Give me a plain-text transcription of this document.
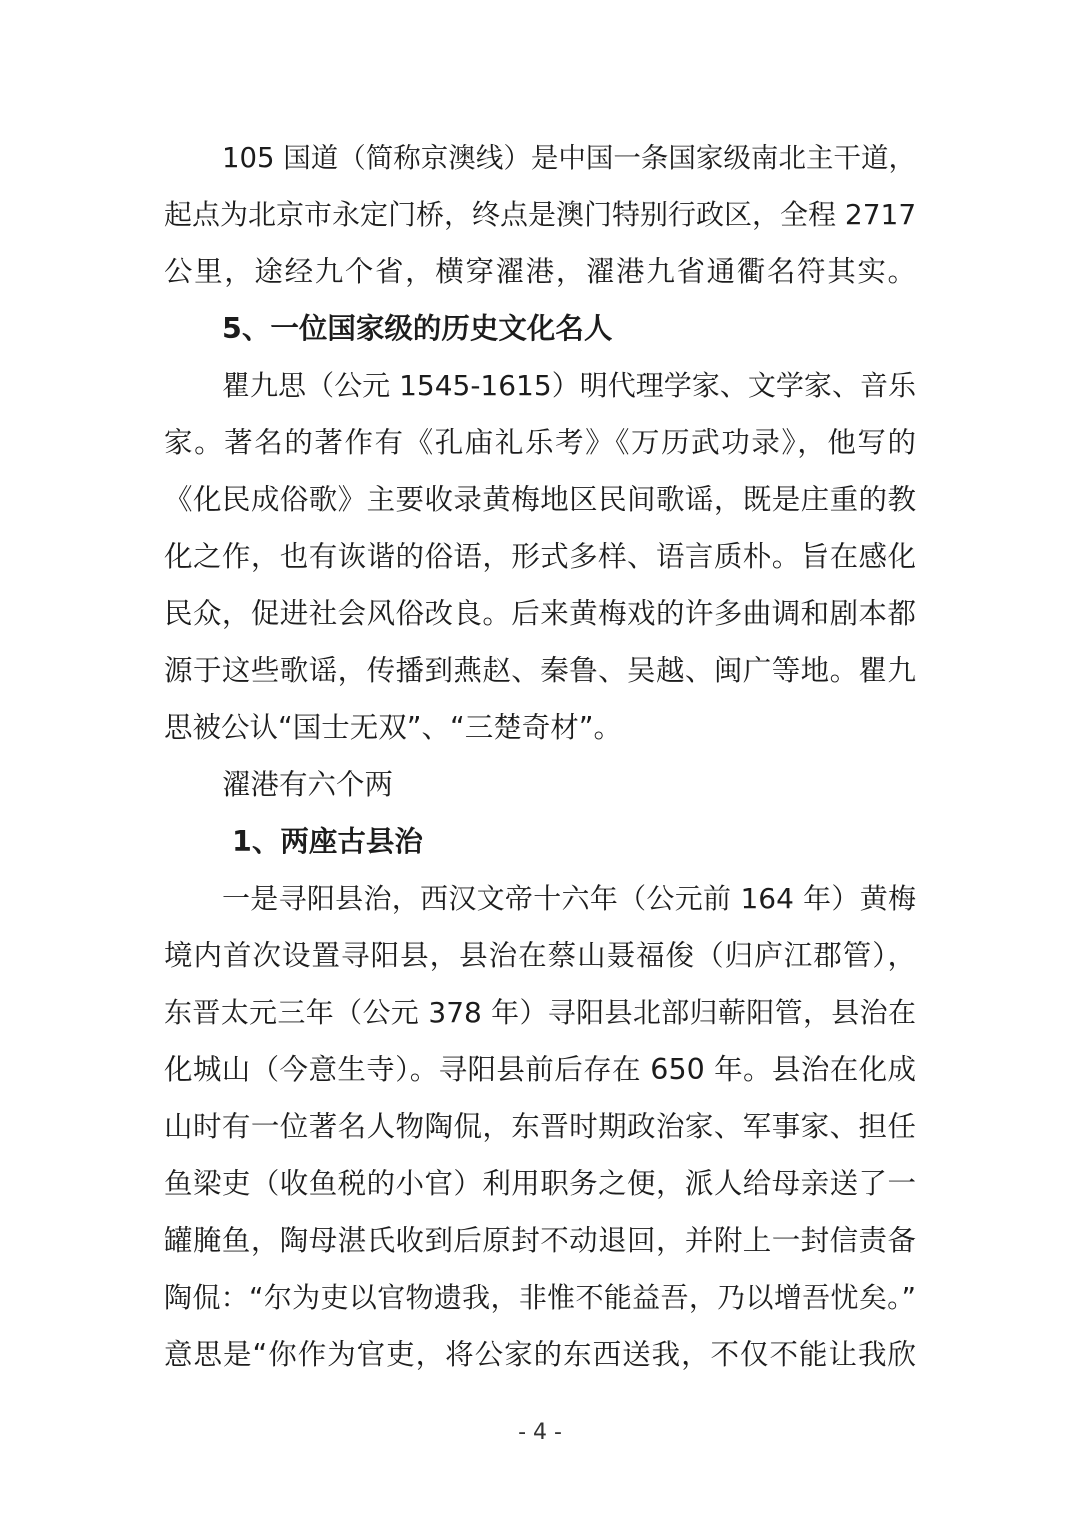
105 国道（简称京澳线）是中国一条国家级南北主干道，
起点为北京市永定门桥，终点是澳门特别行政区，全程 2717
公里，途经九个省，横穿濯港，濯港九省通衢名符其实。
5、一位国家级的历史文化名人
瞿九思（公元 1545-1615）明代理学家、文学家、音乐
家。著名的著作有《孔庙礼乐考》《万历武功录》，他写的
《化民成俗歌》主要收录黄梅地区民间歌谣，既是庄重的教
化之作，也有诙谐的俗语，形式多样、语言质朴。旨在感化
民众，促进社会风俗改良。后来黄梅戏的许多曲调和剧本都
源于这些歌谣，传播到燕赵、秦鲁、吴越、闽广等地。瞿九
思被公认“国士无双”、“三楚奇材”。
濯港有六个两
1、两座古县治
一是寻阳县治，西汉文帝十六年（公元前 164 年）黄梅
境内首次设置寻阳县，县治在蔡山聂福俊（归庐江郡管），
东晋太元三年（公元 378 年）寻阳县北部归蕲阳管，县治在
化城山（今意生寺）。寻阳县前后存在 650 年。县治在化成
山时有一位著名人物陶侃，东晋时期政治家、军事家、担任
鱼梁吏（收鱼税的小官）利用职务之便，派人给母亲送了一
罐腌鱼，陶母湛氏收到后原封不动退回，并附上一封信责备
陶侃：“尔为吏以官物遗我，非惟不能益吾，乃以增吾忧矣。”
意思是“你作为官吏，将公家的东西送我，不仅不能让我欣
- 4 -
